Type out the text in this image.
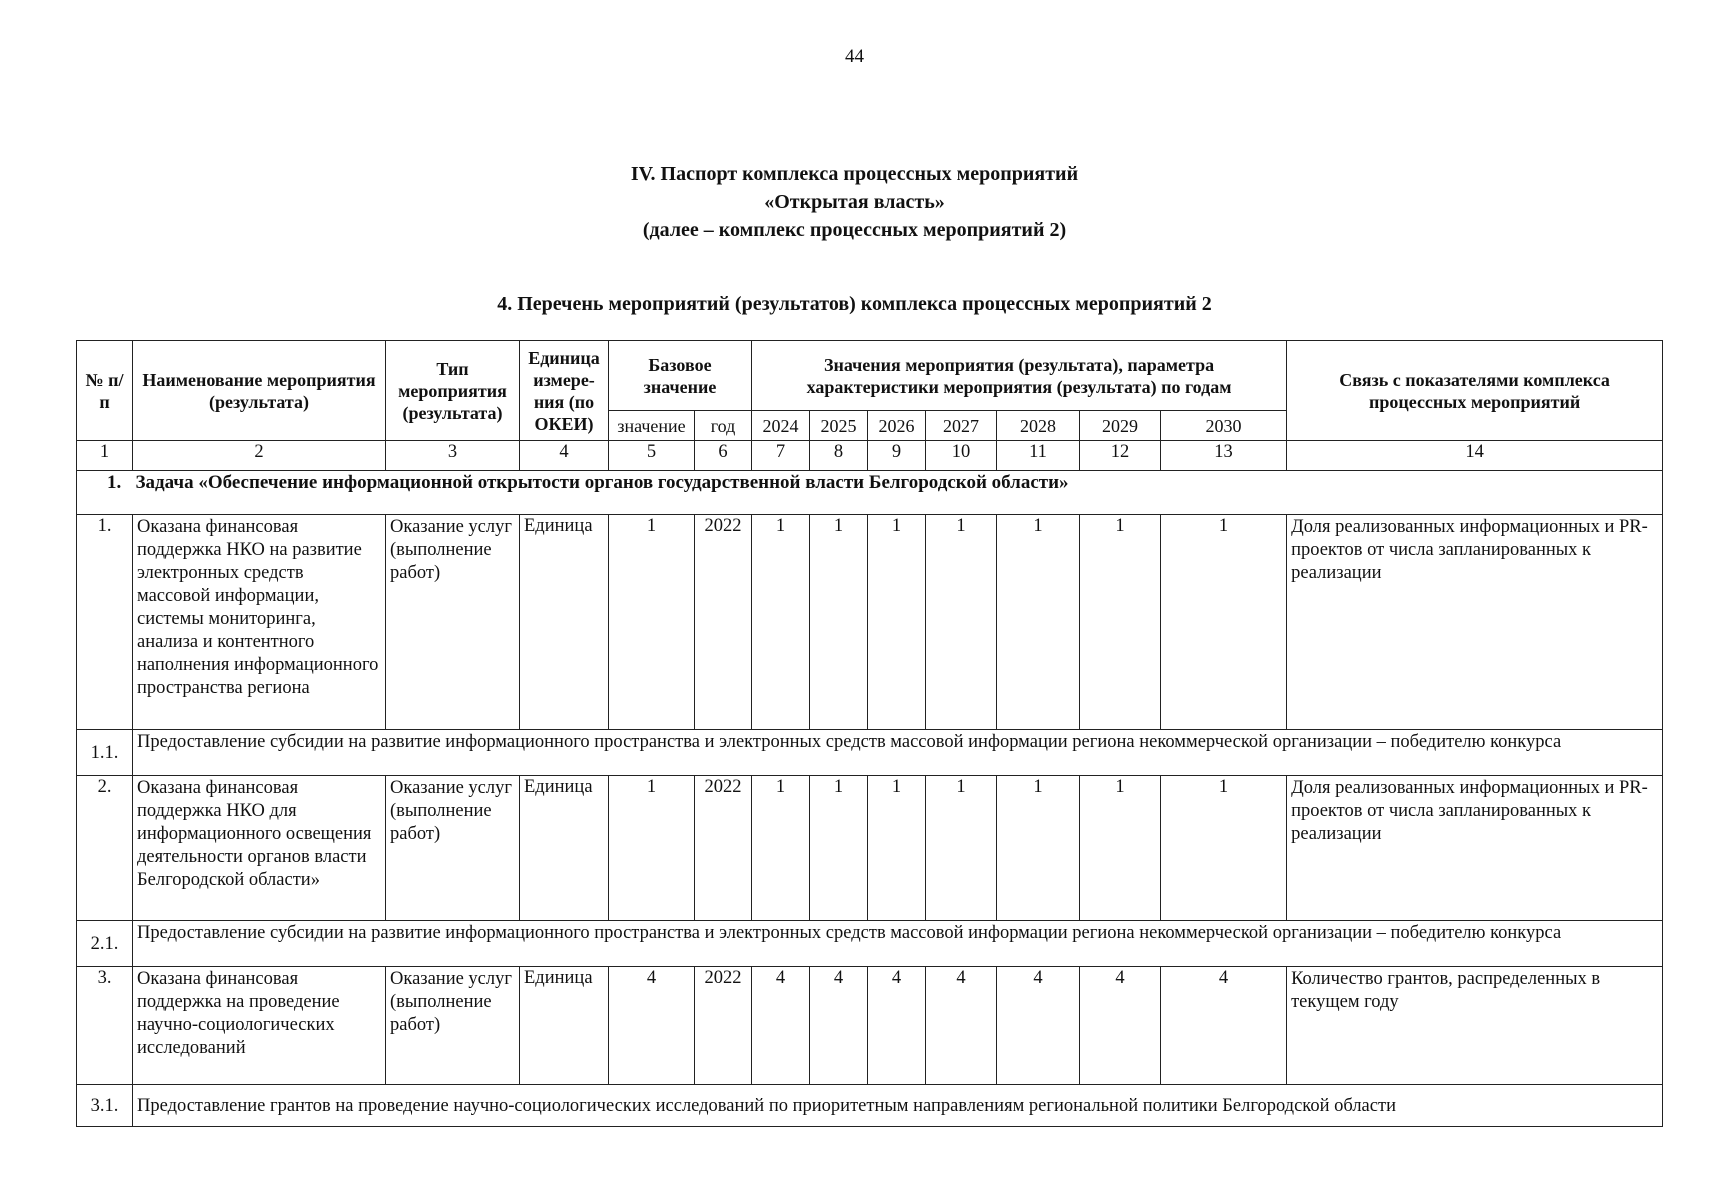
44
IV. Паспорт комплекса процессных мероприятий
«Открытая власть»
(далее – комплекс процессных мероприятий 2)
4. Перечень мероприятий (результатов) комплекса процессных мероприятий 2
№ п/п	Наименование мероприятия (результата)	Тип мероприятия (результата)	Единица измере-ния (по ОКЕИ)	Базовое значение		Значения мероприятия (результата), параметра характеристики мероприятия (результата) по годам							Связь с показателями комплекса процессных мероприятий
				значение	год	2024	2025	2026	2027	2028	2029	2030	
1	2	3	4	5	6	7	8	9	10	11	12	13	14
1. Задача «Обеспечение информационной открытости органов государственной власти Белгородской области»													
1.	Оказана финансовая поддержка НКО на развитие электронных средств массовой информации, системы мониторинга, анализа и контентного наполнения информационного пространства региона	Оказание услуг (выполнение работ)	Единица	1	2022	1	1	1	1	1	1	1	Доля реализованных информационных и PR-проектов от числа запланированных к реализации
1.1.	Предоставление субсидии на развитие информационного пространства и электронных средств массовой информации региона некоммерческой организации – победителю конкурса												
2.	Оказана финансовая поддержка НКО для информационного освещения деятельности органов власти Белгородской области»	Оказание услуг (выполнение работ)	Единица	1	2022	1	1	1	1	1	1	1	Доля реализованных информационных и PR-проектов от числа запланированных к реализации
2.1.	Предоставление субсидии на развитие информационного пространства и электронных средств массовой информации региона некоммерческой организации – победителю конкурса												
3.	Оказана финансовая поддержка на проведение научно-социологических исследований	Оказание услуг (выполнение работ)	Единица	4	2022	4	4	4	4	4	4	4	Количество грантов, распределенных в текущем году
3.1.	Предоставление грантов на проведение научно-социологических исследований по приоритетным направлениям региональной политики Белгородской области												
